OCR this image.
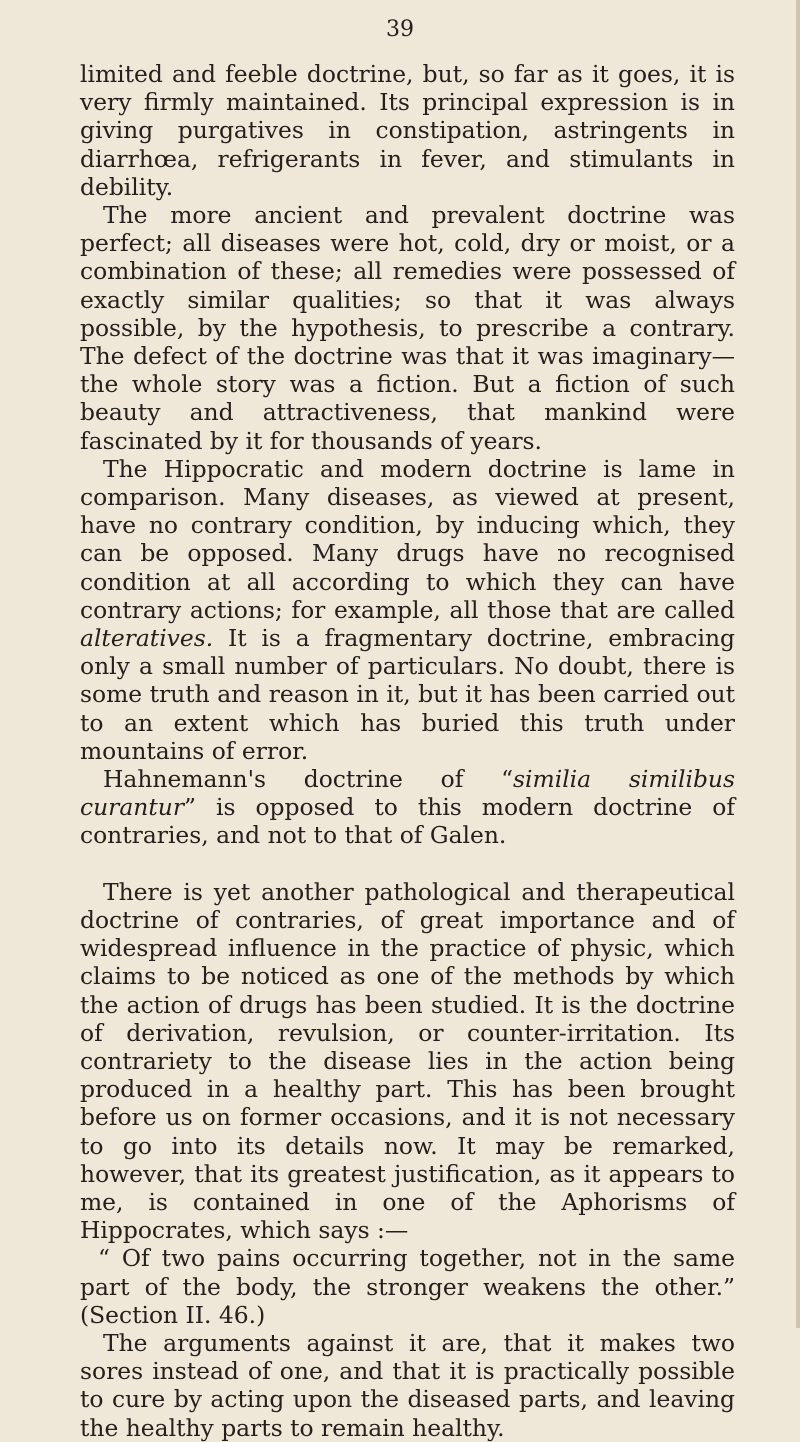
39

limited and feeble doctrine, but, so far as it goes, it is very firmly maintained. Its principal expression is in giving purgatives in constipation, astringents in diarrhœa, refrigerants in fever, and stimulants in debility.

The more ancient and prevalent doctrine was perfect; all diseases were hot, cold, dry or moist, or a combination of these; all remedies were possessed of exactly similar qualities; so that it was always possible, by the hypothesis, to prescribe a contrary. The defect of the doctrine was that it was imaginary—the whole story was a fiction. But a fiction of such beauty and attractiveness, that mankind were fascinated by it for thousands of years.

The Hippocratic and modern doctrine is lame in comparison. Many diseases, as viewed at present, have no contrary condition, by inducing which, they can be opposed. Many drugs have no recognised condition at all according to which they can have contrary actions; for example, all those that are called alteratives. It is a fragmentary doctrine, embracing only a small number of particulars. No doubt, there is some truth and reason in it, but it has been carried out to an extent which has buried this truth under mountains of error.

Hahnemann's doctrine of “similia similibus curantur” is opposed to this modern doctrine of contraries, and not to that of Galen.

There is yet another pathological and therapeutical doctrine of contraries, of great importance and of widespread influence in the practice of physic, which claims to be noticed as one of the methods by which the action of drugs has been studied. It is the doctrine of derivation, revulsion, or counter-irritation. Its contrariety to the disease lies in the action being produced in a healthy part. This has been brought before us on former occasions, and it is not necessary to go into its details now. It may be remarked, however, that its greatest justification, as it appears to me, is contained in one of the Aphorisms of Hippocrates, which says :—

“ Of two pains occurring together, not in the same part of the body, the stronger weakens the other.” (Section II. 46.)

The arguments against it are, that it makes two sores instead of one, and that it is practically possible to cure by acting upon the diseased parts, and leaving the healthy parts to remain healthy.
